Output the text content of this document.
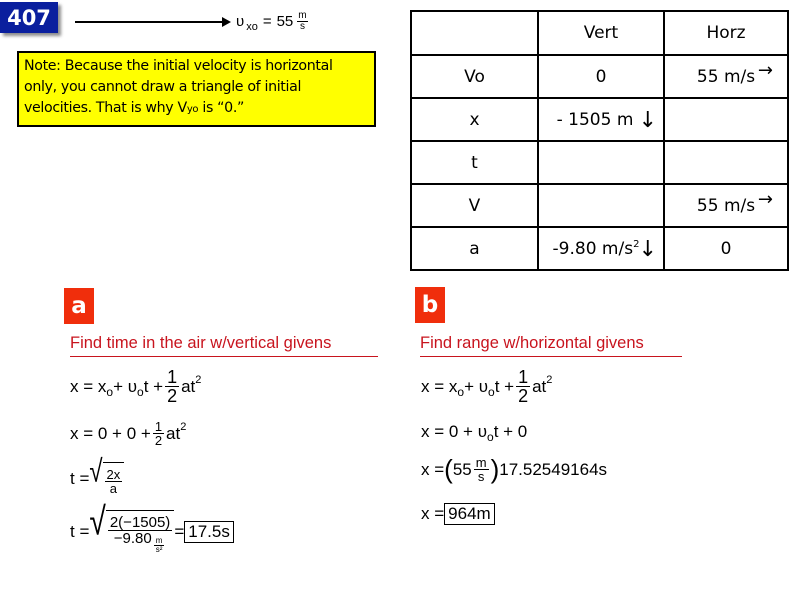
407	υ xo = $55 \frac{m}{s}$
Note: Because the initial velocity is horizontal only, you cannot draw a triangle of initial velocities. That is why Vyo is “0.”
	Vert	Horz
Vo	0	55 m/s →

x	- 1505 m ↓	

t		
V		55 m/s →

a	-9.80 $m/s^2$ ↓	0
a
Find time in the air w/vertical givens
x = x o + υ o $t + \frac{1}{2}$ at 2
$x = 0 + 0 + \frac{1}{2}$ at 2
t = √ $\frac{2x}{a}$
t = √ $\frac{2(-1505)}{-9.80 \frac{m}{\text{s²}}} = 17.5s$
b
Find range w/horizontal givens
x = x o + υ o $t + \frac{1}{2}$ at 2
x = 0 + υ o t + 0
x = ( $55 \frac{m}{s}$ ) 17.52549164s
x = 964m
